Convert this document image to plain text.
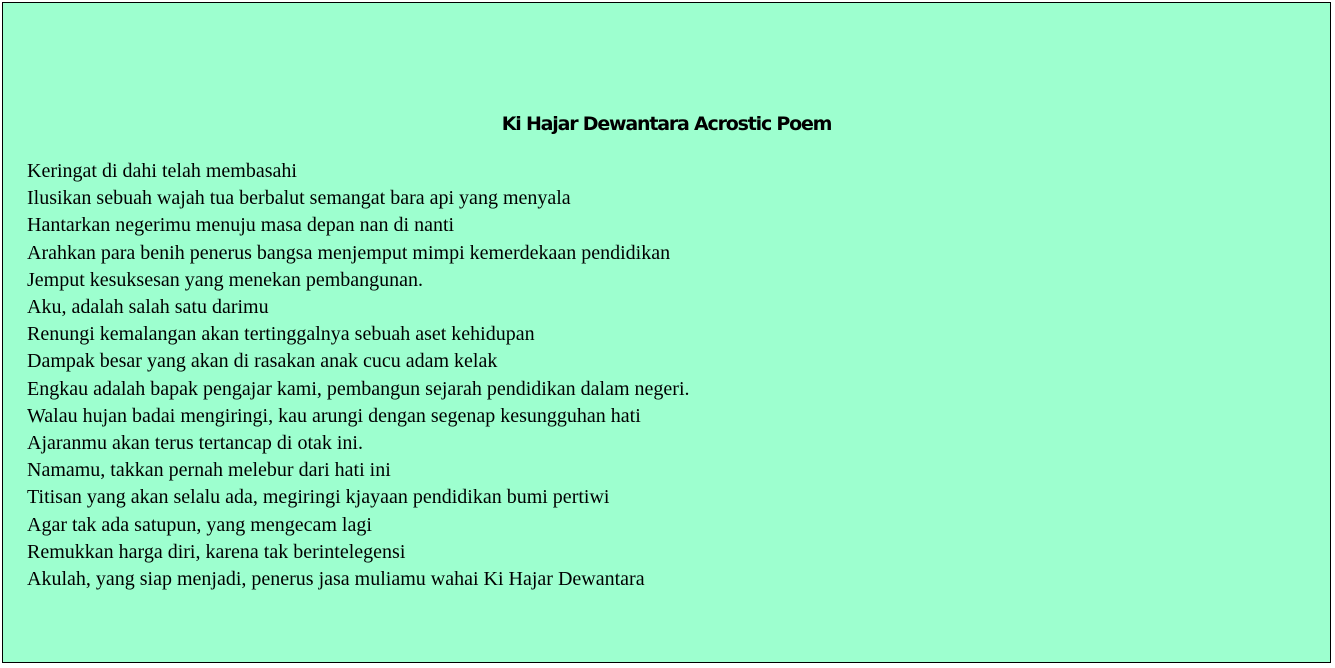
Ki Hajar Dewantara Acrostic Poem
Keringat di dahi telah membasahi
Ilusikan sebuah wajah tua berbalut semangat bara api yang menyala
Hantarkan negerimu menuju masa depan nan di nanti
Arahkan para benih penerus bangsa menjemput mimpi kemerdekaan pendidikan
Jemput kesuksesan yang menekan pembangunan.
Aku, adalah salah satu darimu
Renungi kemalangan akan tertinggalnya sebuah aset kehidupan
Dampak besar yang akan di rasakan anak cucu adam kelak
Engkau adalah bapak pengajar kami, pembangun sejarah pendidikan dalam negeri.
Walau hujan badai mengiringi, kau arungi dengan segenap kesungguhan hati
Ajaranmu akan terus tertancap di otak ini.
Namamu, takkan pernah melebur dari hati ini
Titisan yang akan selalu ada, megiringi kjayaan pendidikan bumi pertiwi
Agar tak ada satupun, yang mengecam lagi
Remukkan harga diri, karena tak berintelegensi
Akulah, yang siap menjadi, penerus jasa muliamu wahai Ki Hajar Dewantara
